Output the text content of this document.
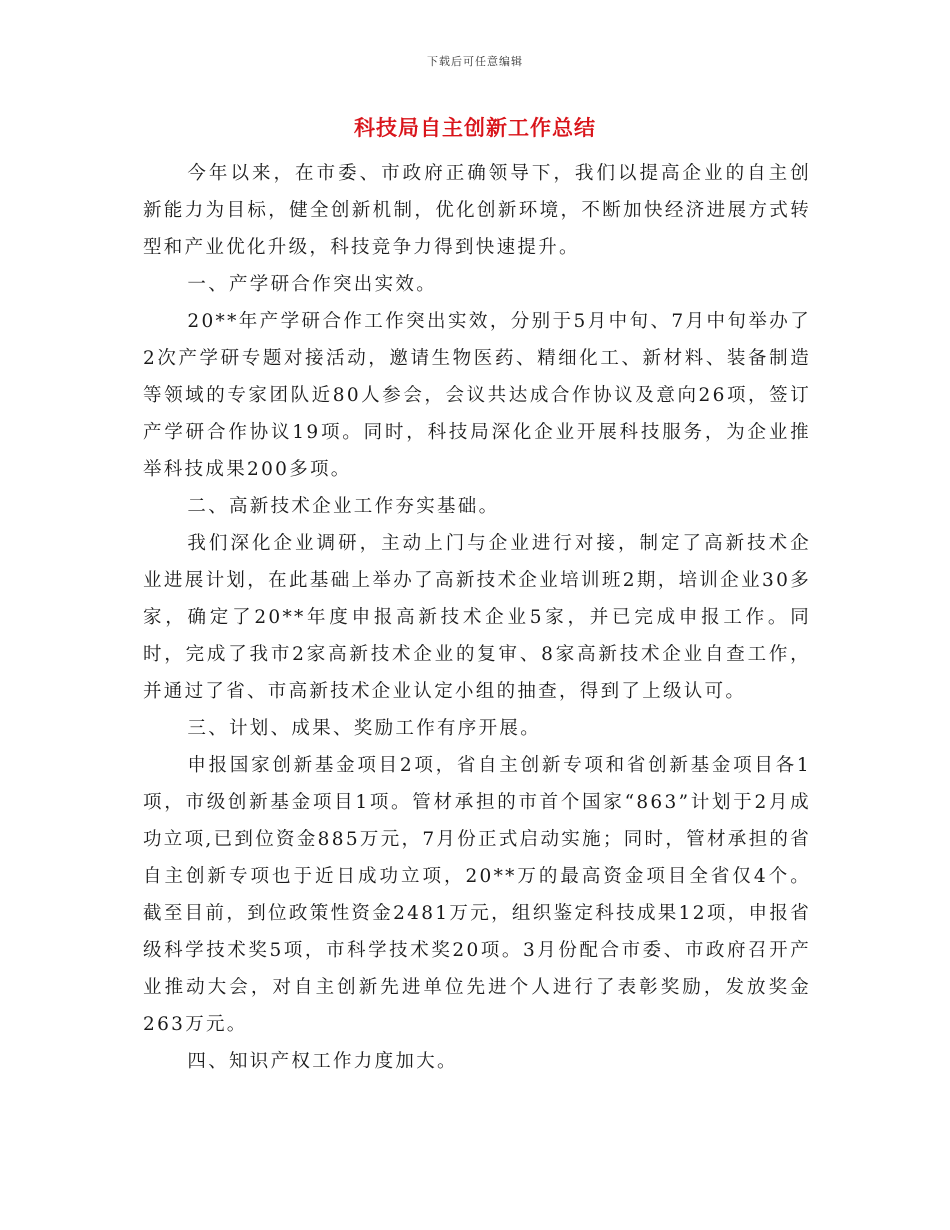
下载后可任意编辑
科技局自主创新工作总结

今年以来，在市委、市政府正确领导下，我们以提高企业的自主创新能力为目标，健全创新机制，优化创新环境，不断加快经济进展方式转型和产业优化升级，科技竞争力得到快速提升。

一、产学研合作突出实效。

20**年产学研合作工作突出实效，分别于5月中旬、7月中旬举办了2次产学研专题对接活动，邀请生物医药、精细化工、新材料、装备制造等领域的专家团队近80人参会，会议共达成合作协议及意向26项，签订产学研合作协议19项。同时，科技局深化企业开展科技服务，为企业推举科技成果200多项。

二、高新技术企业工作夯实基础。

我们深化企业调研，主动上门与企业进行对接，制定了高新技术企业进展计划，在此基础上举办了高新技术企业培训班2期，培训企业30多家，确定了20**年度申报高新技术企业5家，并已完成申报工作。同时，完成了我市2家高新技术企业的复审、8家高新技术企业自查工作，并通过了省、市高新技术企业认定小组的抽查，得到了上级认可。

三、计划、成果、奖励工作有序开展。

申报国家创新基金项目2项，省自主创新专项和省创新基金项目各1项，市级创新基金项目1项。管材承担的市首个国家“863”计划于2月成功立项,已到位资金885万元，7月份正式启动实施；同时，管材承担的省自主创新专项也于近日成功立项，20**万的最高资金项目全省仅4个。截至目前，到位政策性资金2481万元，组织鉴定科技成果12项，申报省级科学技术奖5项，市科学技术奖20项。3月份配合市委、市政府召开产业推动大会，对自主创新先进单位先进个人进行了表彰奖励，发放奖金263万元。

四、知识产权工作力度加大。
